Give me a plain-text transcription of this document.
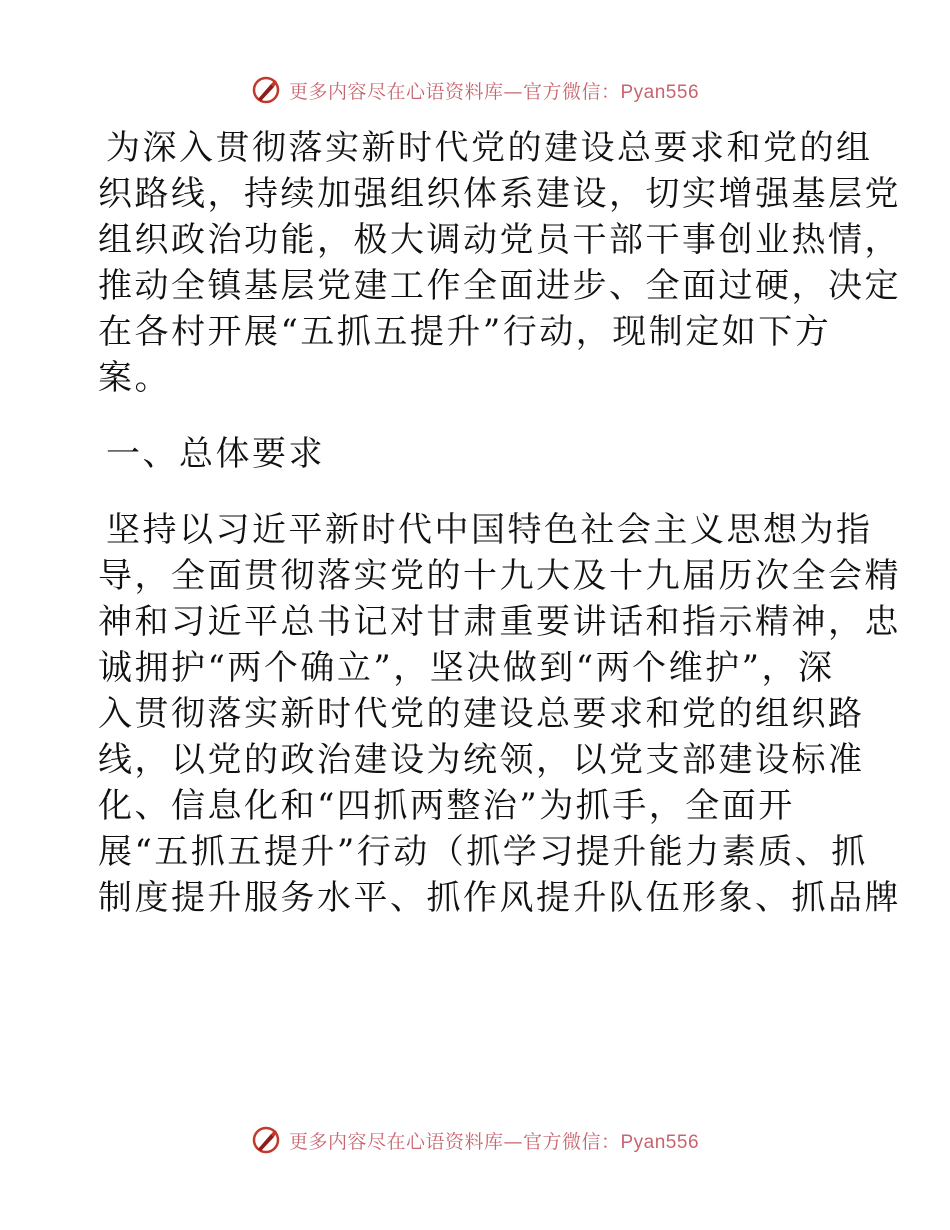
更多内容尽在心语资料库—官方微信：Pyan556
为深入贯彻落实新时代党的建设总要求和党的组
织路线，持续加强组织体系建设，切实增强基层党
组织政治功能，极大调动党员干部干事创业热情，
推动全镇基层党建工作全面进步、全面过硬，决定
在各村开展“五抓五提升”行动，现制定如下方
案。
一、总体要求
坚持以习近平新时代中国特色社会主义思想为指
导，全面贯彻落实党的十九大及十九届历次全会精
神和习近平总书记对甘肃重要讲话和指示精神，忠
诚拥护“两个确立”，坚决做到“两个维护”，深
入贯彻落实新时代党的建设总要求和党的组织路
线，以党的政治建设为统领，以党支部建设标准
化、信息化和“四抓两整治”为抓手，全面开
展“五抓五提升”行动（抓学习提升能力素质、抓
制度提升服务水平、抓作风提升队伍形象、抓品牌
更多内容尽在心语资料库—官方微信：Pyan556
